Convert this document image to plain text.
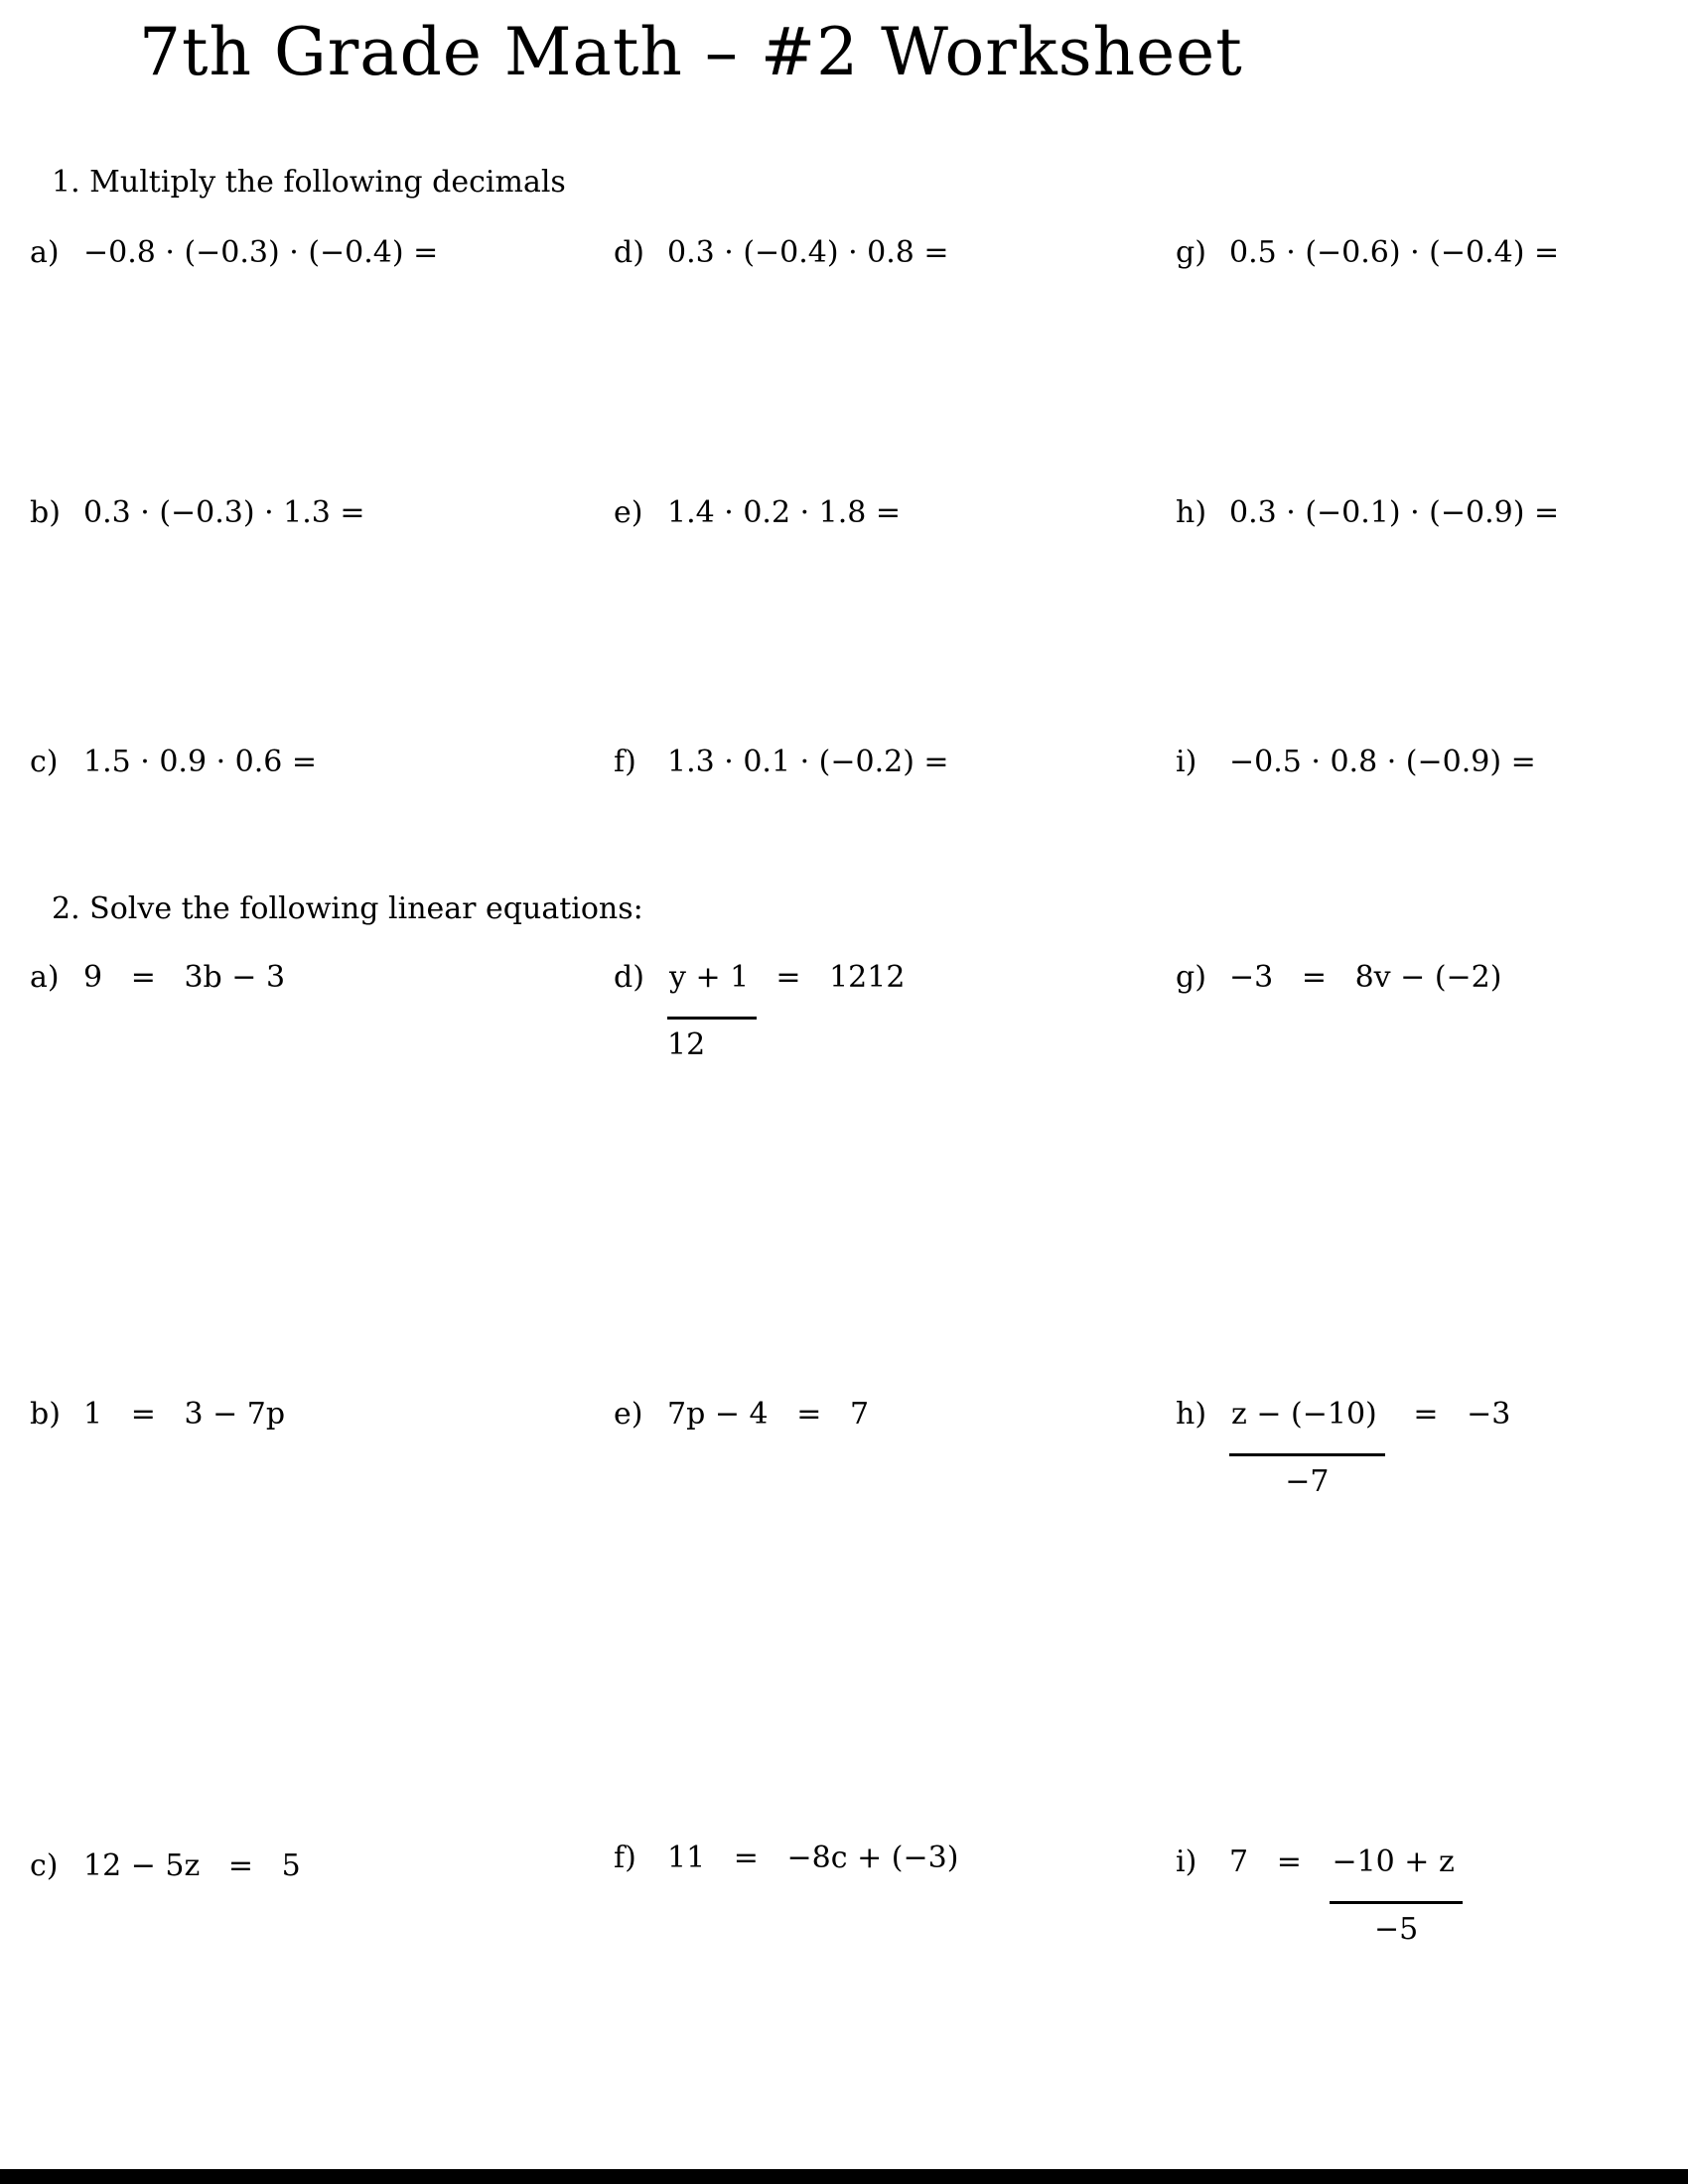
7th Grade Math – #2 Worksheet
1. Multiply the following decimals
a) −0.8 · (−0.3) · (−0.4) =	d) 0.3 · (−0.4) · 0.8 =	g) 0.5 · (−0.6) · (−0.4) =
b) 0.3 · (−0.3) · 1.3 =	e) 1.4 · 0.2 · 1.8 =	h) 0.3 · (−0.1) · (−0.9) =
c) 1.5 · 0.9 · 0.6 =	f)	1.3 · 0.1 · (−0.2) =	i)	−0.5 · 0.8 · (−0.9) =
2. Solve the following linear equations:
a) 9   =   3b − 3	$d) \frac{y + 1}{12} = 1212$	g) −3   =   8v − (−2)
b) 1   =   3 − 7p	e) 7p − 4   =   7	$h) \frac{z - (-10)}{-7} = -3$
c) 12 − 5z   =   5	f)	11   =   −8c + (−3)	i)	$7 = \frac{-10 + z}{-5}$
